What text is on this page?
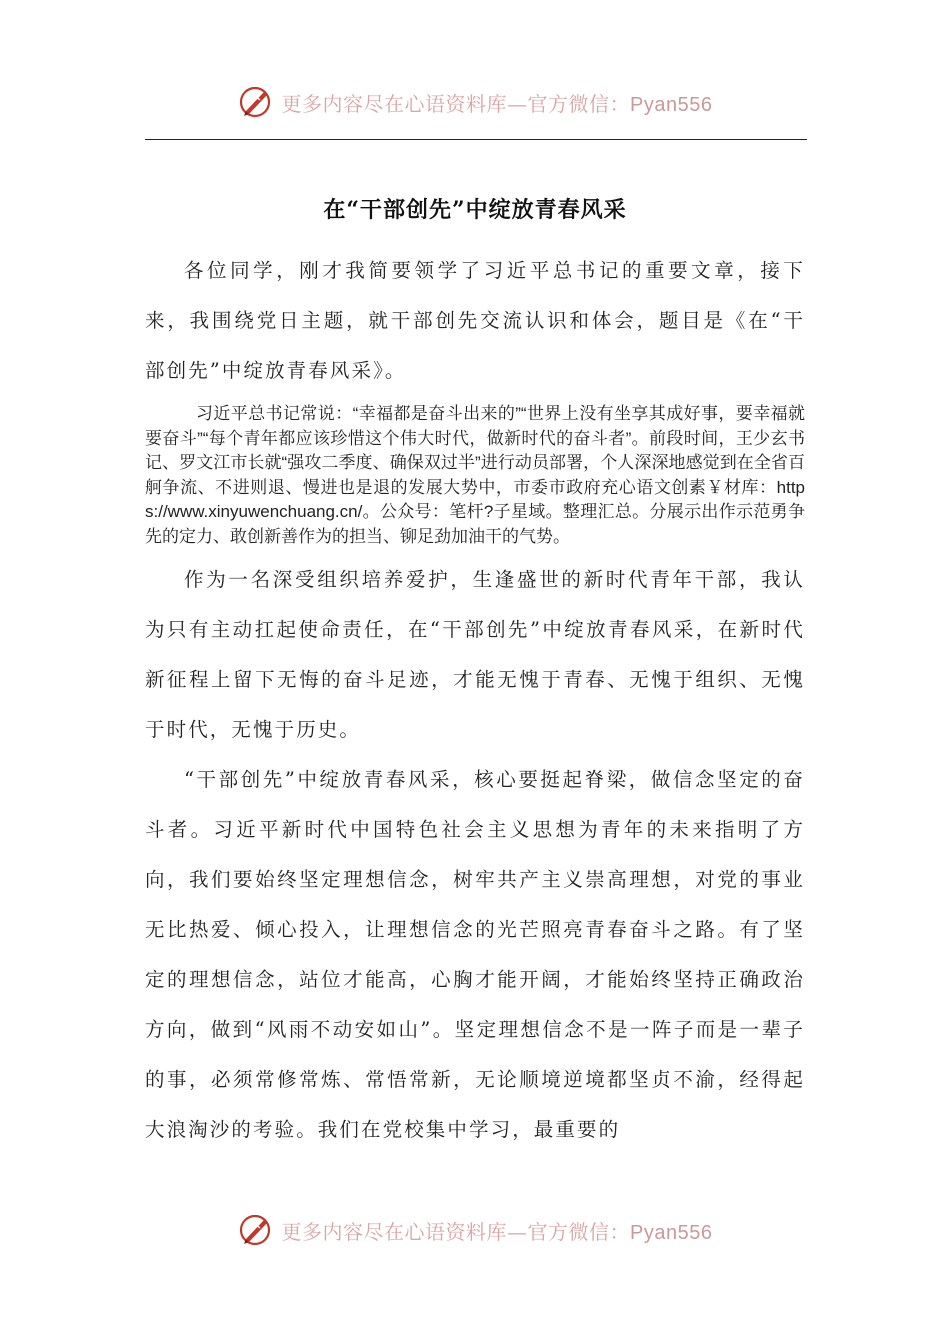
更多内容尽在心语资料库—官方微信：Pyan556
在“干部创先”中绽放青春风采

各位同学，刚才我简要领学了习近平总书记的重要文章，接下来，我围绕党日主题，就干部创先交流认识和体会，题目是《在“干部创先”中绽放青春风采》。

习近平总书记常说：“幸福都是奋斗出来的”“世界上没有坐享其成好事，要幸福就要奋斗”“每个青年都应该珍惜这个伟大时代，做新时代的奋斗者”。前段时间，王少玄书记、罗文江市长就“强攻二季度、确保双过半”进行动员部署，个人深深地感觉到在全省百舸争流、不进则退、慢进也是退的发展大势中，市委市政府充心语文创素￥材库：https://www.xinyuwenchuang.cn/。公众号：笔杆?子星域。整理汇总。分展示出作示范勇争先的定力、敢创新善作为的担当、铆足劲加油干的气势。

作为一名深受组织培养爱护，生逢盛世的新时代青年干部，我认为只有主动扛起使命责任，在“干部创先”中绽放青春风采，在新时代新征程上留下无悔的奋斗足迹，才能无愧于青春、无愧于组织、无愧于时代，无愧于历史。

“干部创先”中绽放青春风采，核心要挺起脊梁，做信念坚定的奋斗者。习近平新时代中国特色社会主义思想为青年的未来指明了方向，我们要始终坚定理想信念，树牢共产主义崇高理想，对党的事业无比热爱、倾心投入，让理想信念的光芒照亮青春奋斗之路。有了坚定的理想信念，站位才能高，心胸才能开阔，才能始终坚持正确政治方向，做到“风雨不动安如山”。坚定理想信念不是一阵子而是一辈子的事，必须常修常炼、常悟常新，无论顺境逆境都坚贞不渝，经得起大浪淘沙的考验。我们在党校集中学习，最重要的

更多内容尽在心语资料库—官方微信：Pyan556
